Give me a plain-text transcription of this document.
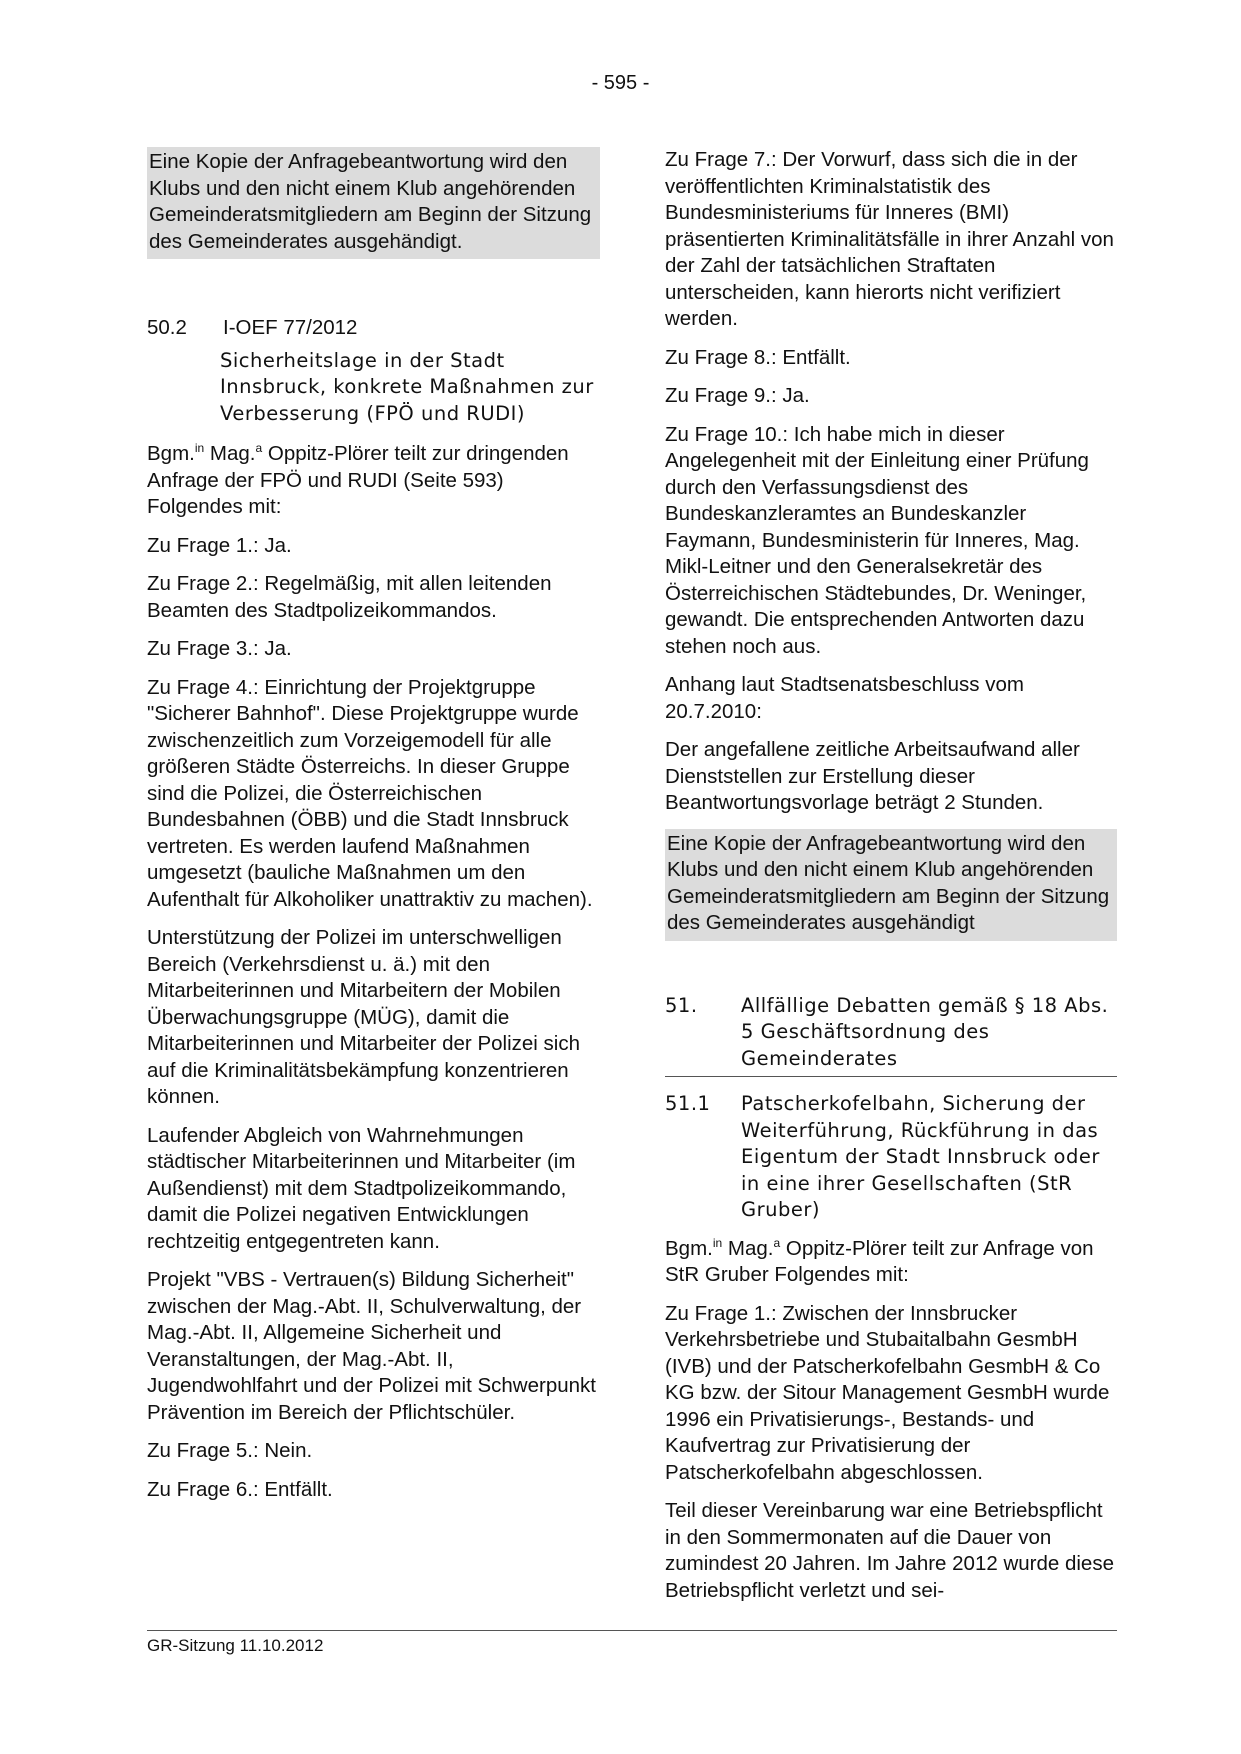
- 595 -
Eine Kopie der Anfragebeantwortung wird den Klubs und den nicht einem Klub angehörenden Gemeinderatsmitgliedern am Beginn der Sitzung des Gemeinderates ausgehändigt.
50.2	I-OEF 77/2012
Sicherheitslage in der Stadt Innsbruck, konkrete Maßnahmen zur Verbesserung (FPÖ und RUDI)

Bgm.$^{in}$ Mag.$^a$ Oppitz-Plörer teilt zur dringenden Anfrage der FPÖ und RUDI (Seite 593) Folgendes mit:

Zu Frage 1.: Ja.

Zu Frage 2.: Regelmäßig, mit allen leitenden Beamten des Stadtpolizeikommandos.

Zu Frage 3.: Ja.

Zu Frage 4.: Einrichtung der Projektgruppe "Sicherer Bahnhof". Diese Projektgruppe wurde zwischenzeitlich zum Vorzeigemodell für alle größeren Städte Österreichs. In dieser Gruppe sind die Polizei, die Österreichischen Bundesbahnen (ÖBB) und die Stadt Innsbruck vertreten. Es werden laufend Maßnahmen umgesetzt (bauliche Maßnahmen um den Aufenthalt für Alkoholiker unattraktiv zu machen).

Unterstützung der Polizei im unterschwelligen Bereich (Verkehrsdienst u. ä.) mit den Mitarbeiterinnen und Mitarbeitern der Mobilen Überwachungsgruppe (MÜG), damit die Mitarbeiterinnen und Mitarbeiter der Polizei sich auf die Kriminalitätsbekämpfung konzentrieren können.

Laufender Abgleich von Wahrnehmungen städtischer Mitarbeiterinnen und Mitarbeiter (im Außendienst) mit dem Stadtpolizeikommando, damit die Polizei negativen Entwicklungen rechtzeitig entgegentreten kann.

Projekt "VBS - Vertrauen(s) Bildung Sicherheit" zwischen der Mag.-Abt. II, Schulverwaltung, der Mag.-Abt. II, Allgemeine Sicherheit und Veranstaltungen, der Mag.-Abt. II, Jugendwohlfahrt und der Polizei mit Schwerpunkt Prävention im Bereich der Pflichtschüler.

Zu Frage 5.: Nein.

Zu Frage 6.: Entfällt.

Zu Frage 7.: Der Vorwurf, dass sich die in der veröffentlichten Kriminalstatistik des Bundesministeriums für Inneres (BMI) präsentierten Kriminalitätsfälle in ihrer Anzahl von der Zahl der tatsächlichen Straftaten unterscheiden, kann hierorts nicht verifiziert werden.

Zu Frage 8.: Entfällt.

Zu Frage 9.: Ja.

Zu Frage 10.: Ich habe mich in dieser Angelegenheit mit der Einleitung einer Prüfung durch den Verfassungsdienst des Bundeskanzleramtes an Bundeskanzler Faymann, Bundesministerin für Inneres, Mag. Mikl-Leitner und den Generalsekretär des Österreichischen Städtebundes, Dr. Weninger, gewandt. Die entsprechenden Antworten dazu stehen noch aus.

Anhang laut Stadtsenatsbeschluss vom 20.7.2010:

Der angefallene zeitliche Arbeitsaufwand aller Dienststellen zur Erstellung dieser Beantwortungsvorlage beträgt 2 Stunden.

Eine Kopie der Anfragebeantwortung wird den Klubs und den nicht einem Klub angehörenden Gemeinderatsmitgliedern am Beginn der Sitzung des Gemeinderates ausgehändigt
51.	Allfällige Debatten gemäß § 18 Abs. 5 Geschäftsordnung des Gemeinderates
51.1	Patscherkofelbahn, Sicherung der Weiterführung, Rückführung in das Eigentum der Stadt Innsbruck oder in eine ihrer Gesellschaften (StR Gruber)

Bgm.$^{in}$ Mag.$^a$ Oppitz-Plörer teilt zur Anfrage von StR Gruber Folgendes mit:

Zu Frage 1.: Zwischen der Innsbrucker Verkehrsbetriebe und Stubaitalbahn GesmbH (IVB) und der Patscherkofelbahn GesmbH & Co KG bzw. der Sitour Management GesmbH wurde 1996 ein Privatisierungs-, Bestands- und Kaufvertrag zur Privatisierung der Patscherkofelbahn abgeschlossen.

Teil dieser Vereinbarung war eine Betriebspflicht in den Sommermonaten auf die Dauer von zumindest 20 Jahren. Im Jahre 2012 wurde diese Betriebspflicht verletzt und sei-

GR-Sitzung 11.10.2012
